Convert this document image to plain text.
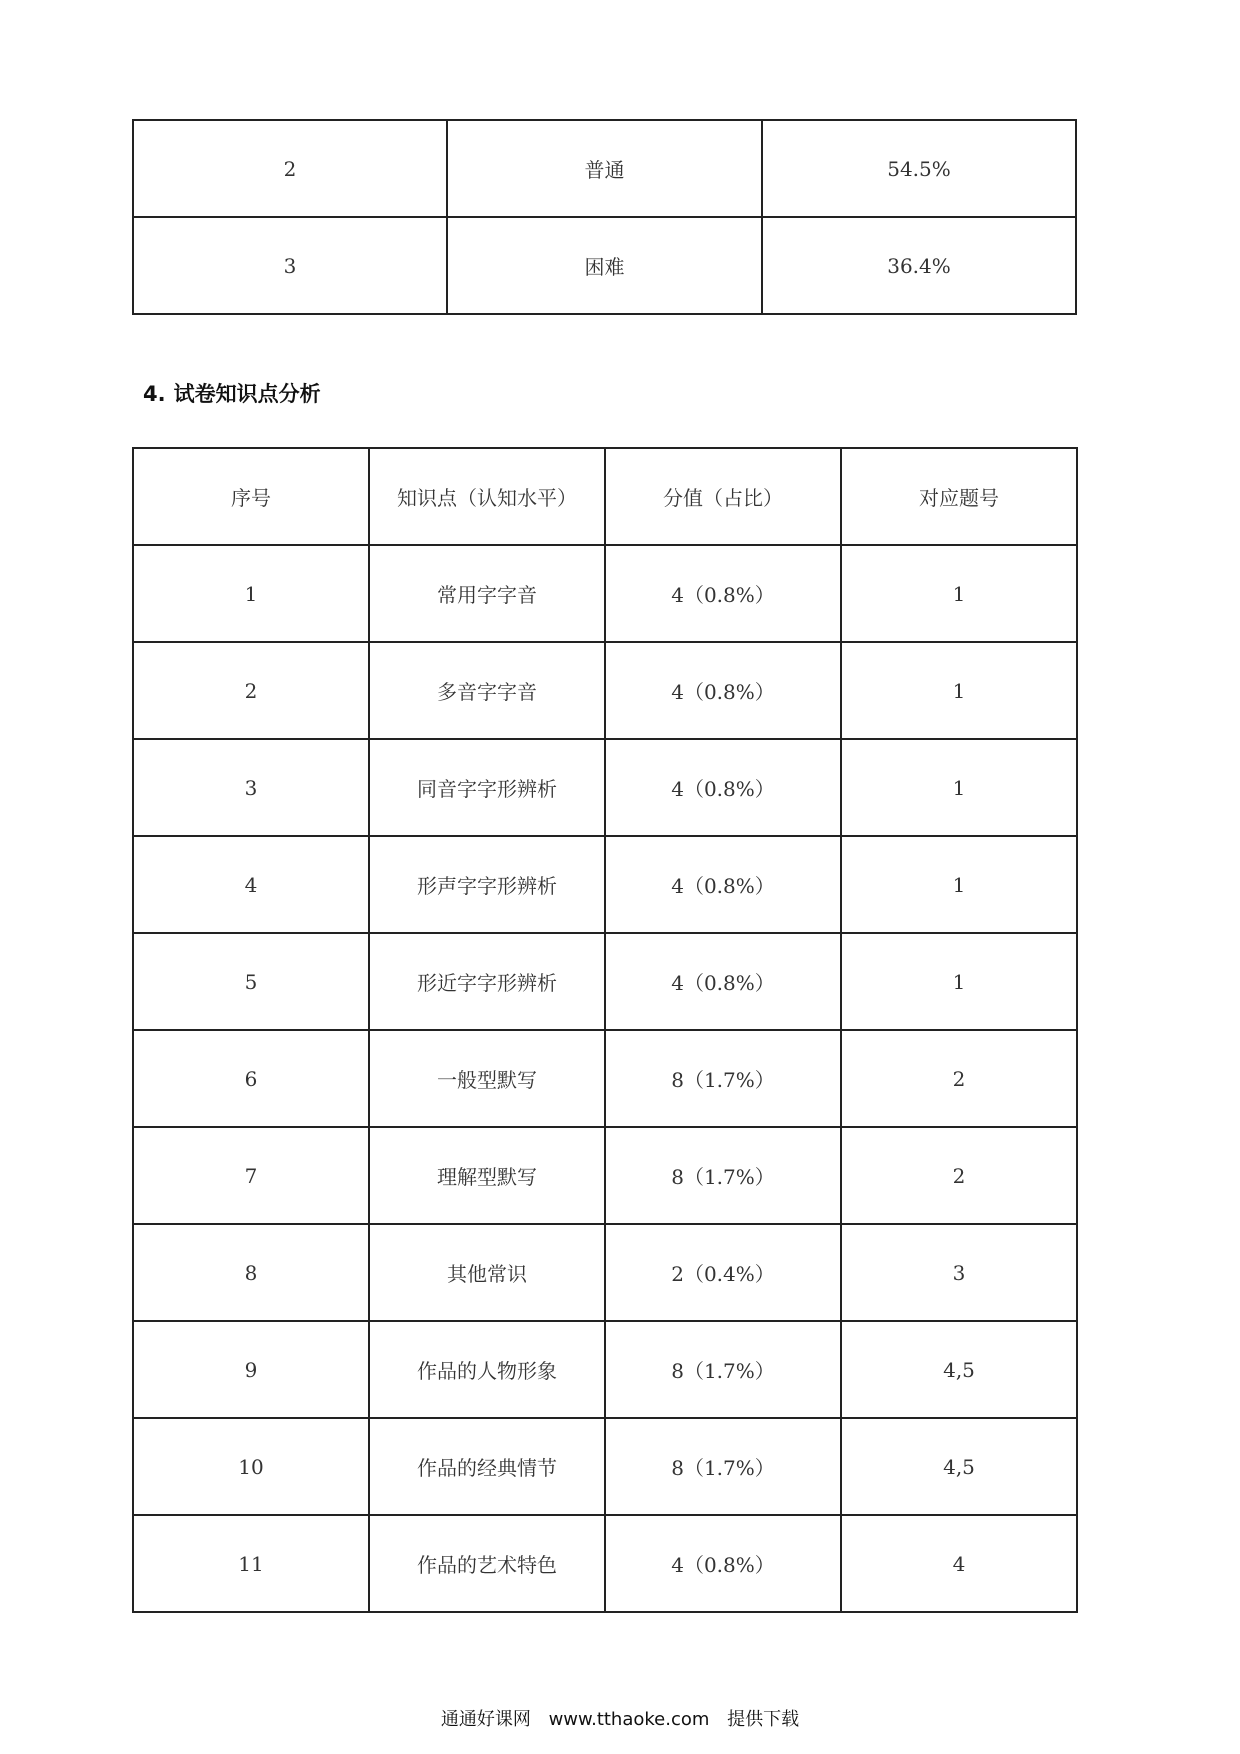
2	普通	54.5%
3	困难	36.4%
4. 试卷知识点分析
序号	知识点（认知水平）	分值（占比）	对应题号
1	常用字字音	4（0.8%）	1
2	多音字字音	4（0.8%）	1
3	同音字字形辨析	4（0.8%）	1
4	形声字字形辨析	4（0.8%）	1
5	形近字字形辨析	4（0.8%）	1
6	一般型默写	8（1.7%）	2
7	理解型默写	8（1.7%）	2
8	其他常识	2（0.4%）	3
9	作品的人物形象	8（1.7%）	4,5
10	作品的经典情节	8（1.7%）	4,5
11	作品的艺术特色	4（0.8%）	4
通通好课网 www.tthaoke.com 提供下载
